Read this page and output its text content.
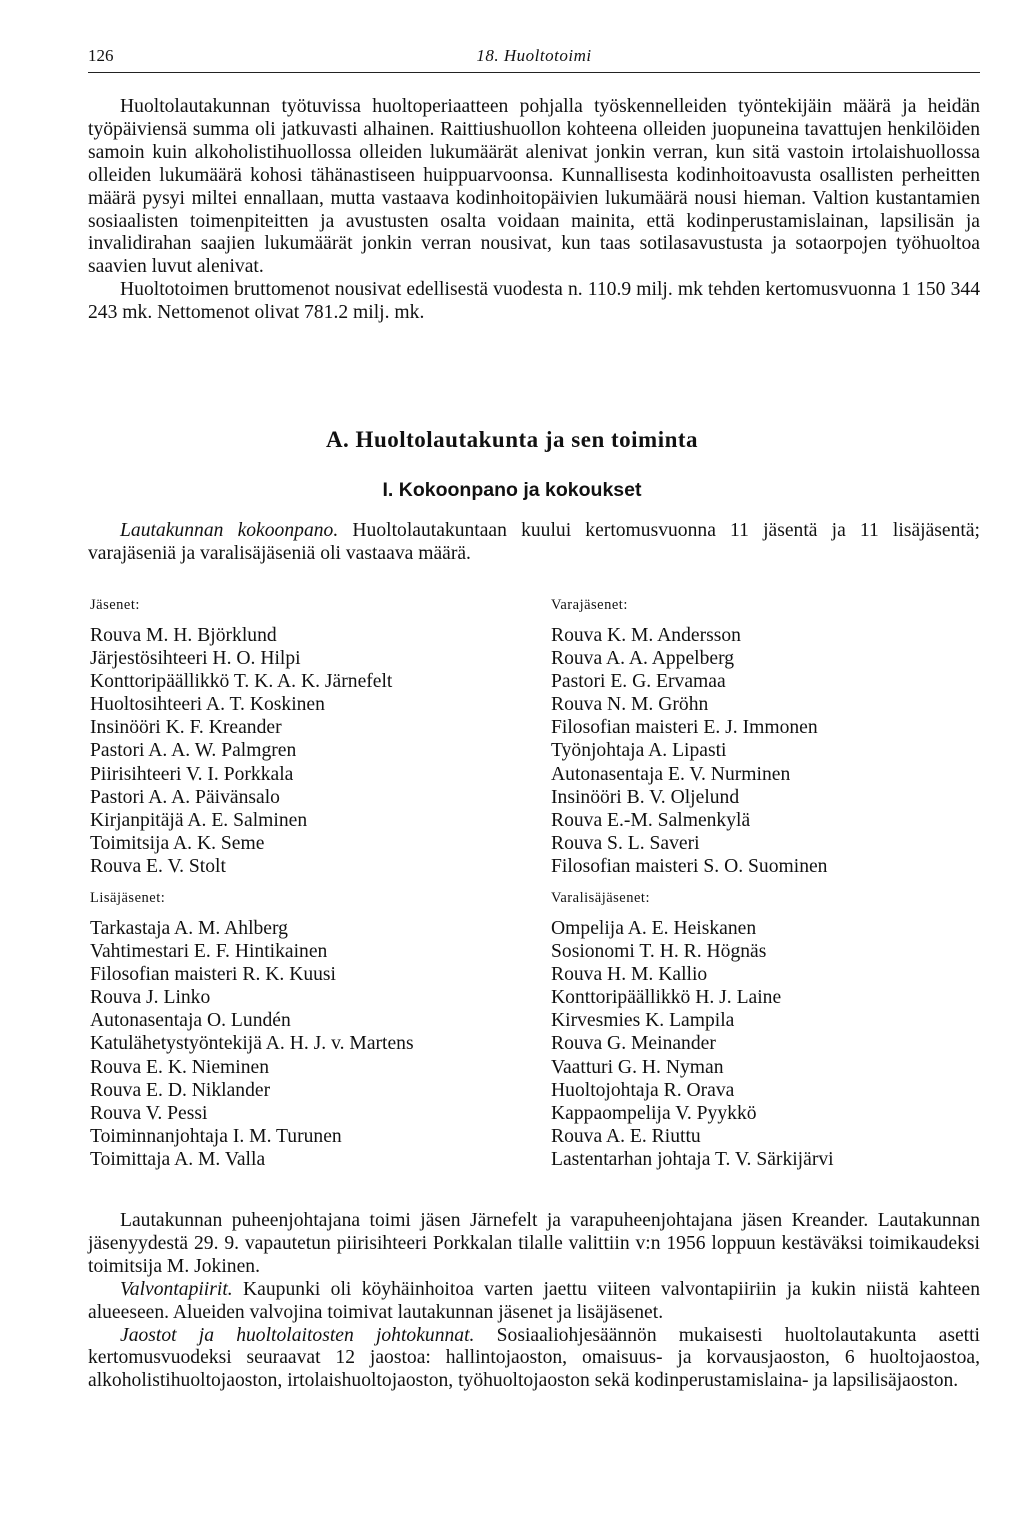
126	18. Huoltotoimi

Huoltolautakunnan työtuvissa huoltoperiaatteen pohjalla työskennelleiden työntekijäin määrä ja heidän työpäiviensä summa oli jatkuvasti alhainen. Raittiushuollon kohteena olleiden juopuneina tavattujen henkilöiden samoin kuin alkoholistihuollossa olleiden lukumäärät alenivat jonkin verran, kun sitä vastoin irtolaishuollossa olleiden lukumäärä kohosi tähänastiseen huippuarvoonsa. Kunnallisesta kodinhoitoavusta osallisten perheitten määrä pysyi miltei ennallaan, mutta vastaava kodinhoitopäivien lukumäärä nousi hieman. Valtion kustantamien sosiaalisten toimenpiteitten ja avustusten osalta voidaan mainita, että kodinperustamislainan, lapsilisän ja invalidirahan saajien lukumäärät jonkin verran nousivat, kun taas sotilasavustusta ja sotaorpojen työhuoltoa saavien luvut alenivat.

Huoltotoimen bruttomenot nousivat edellisestä vuodesta n. 110.9 milj. mk tehden kertomusvuonna 1 150 344 243 mk. Nettomenot olivat 781.2 milj. mk.

A. Huoltolautakunta ja sen toiminta
I. Kokoonpano ja kokoukset

Lautakunnan kokoonpano. Huoltolautakuntaan kuului kertomusvuonna 11 jäsentä ja 11 lisäjäsentä; varajäseniä ja varalisäjäseniä oli vastaava määrä.

Jäsenet:
Rouva M. H. Björklund
Järjestösihteeri H. O. Hilpi
Konttoripäällikkö T. K. A. K. Järnefelt
Huoltosihteeri A. T. Koskinen
Insinööri K. F. Kreander
Pastori A. A. W. Palmgren
Piirisihteeri V. I. Porkkala
Pastori A. A. Päivänsalo
Kirjanpitäjä A. E. Salminen
Toimitsija A. K. Seme
Rouva E. V. Stolt
Varajäsenet:
Rouva K. M. Andersson
Rouva A. A. Appelberg
Pastori E. G. Ervamaa
Rouva N. M. Gröhn
Filosofian maisteri E. J. Immonen
Työnjohtaja A. Lipasti
Autonasentaja E. V. Nurminen
Insinööri B. V. Oljelund
Rouva E.-M. Salmenkylä
Rouva S. L. Saveri
Filosofian maisteri S. O. Suominen
Lisäjäsenet:
Tarkastaja A. M. Ahlberg
Vahtimestari E. F. Hintikainen
Filosofian maisteri R. K. Kuusi
Rouva J. Linko
Autonasentaja O. Lundén
Katulähetystyöntekijä A. H. J. v. Martens
Rouva E. K. Nieminen
Rouva E. D. Niklander
Rouva V. Pessi
Toiminnanjohtaja I. M. Turunen
Toimittaja A. M. Valla
Varalisäjäsenet:
Ompelija A. E. Heiskanen
Sosionomi T. H. R. Högnäs
Rouva H. M. Kallio
Konttoripäällikkö H. J. Laine
Kirvesmies K. Lampila
Rouva G. Meinander
Vaatturi G. H. Nyman
Huoltojohtaja R. Orava
Kappaompelija V. Pyykkö
Rouva A. E. Riuttu
Lastentarhan johtaja T. V. Särkijärvi

Lautakunnan puheenjohtajana toimi jäsen Järnefelt ja varapuheenjohtajana jäsen Kreander. Lautakunnan jäsenyydestä 29. 9. vapautetun piirisihteeri Porkkalan tilalle valittiin v:n 1956 loppuun kestäväksi toimikaudeksi toimitsija M. Jokinen.

Valvontapiirit. Kaupunki oli köyhäinhoitoa varten jaettu viiteen valvontapiiriin ja kukin niistä kahteen alueeseen. Alueiden valvojina toimivat lautakunnan jäsenet ja lisäjäsenet.

Jaostot ja huoltolaitosten johtokunnat. Sosiaaliohjesäännön mukaisesti huoltolautakunta asetti kertomusvuodeksi seuraavat 12 jaostoa: hallintojaoston, omaisuus- ja korvausjaoston, 6 huoltojaostoa, alkoholistihuoltojaoston, irtolaishuoltojaoston, työhuoltojaoston sekä kodinperustamislaina- ja lapsilisäjaoston.
